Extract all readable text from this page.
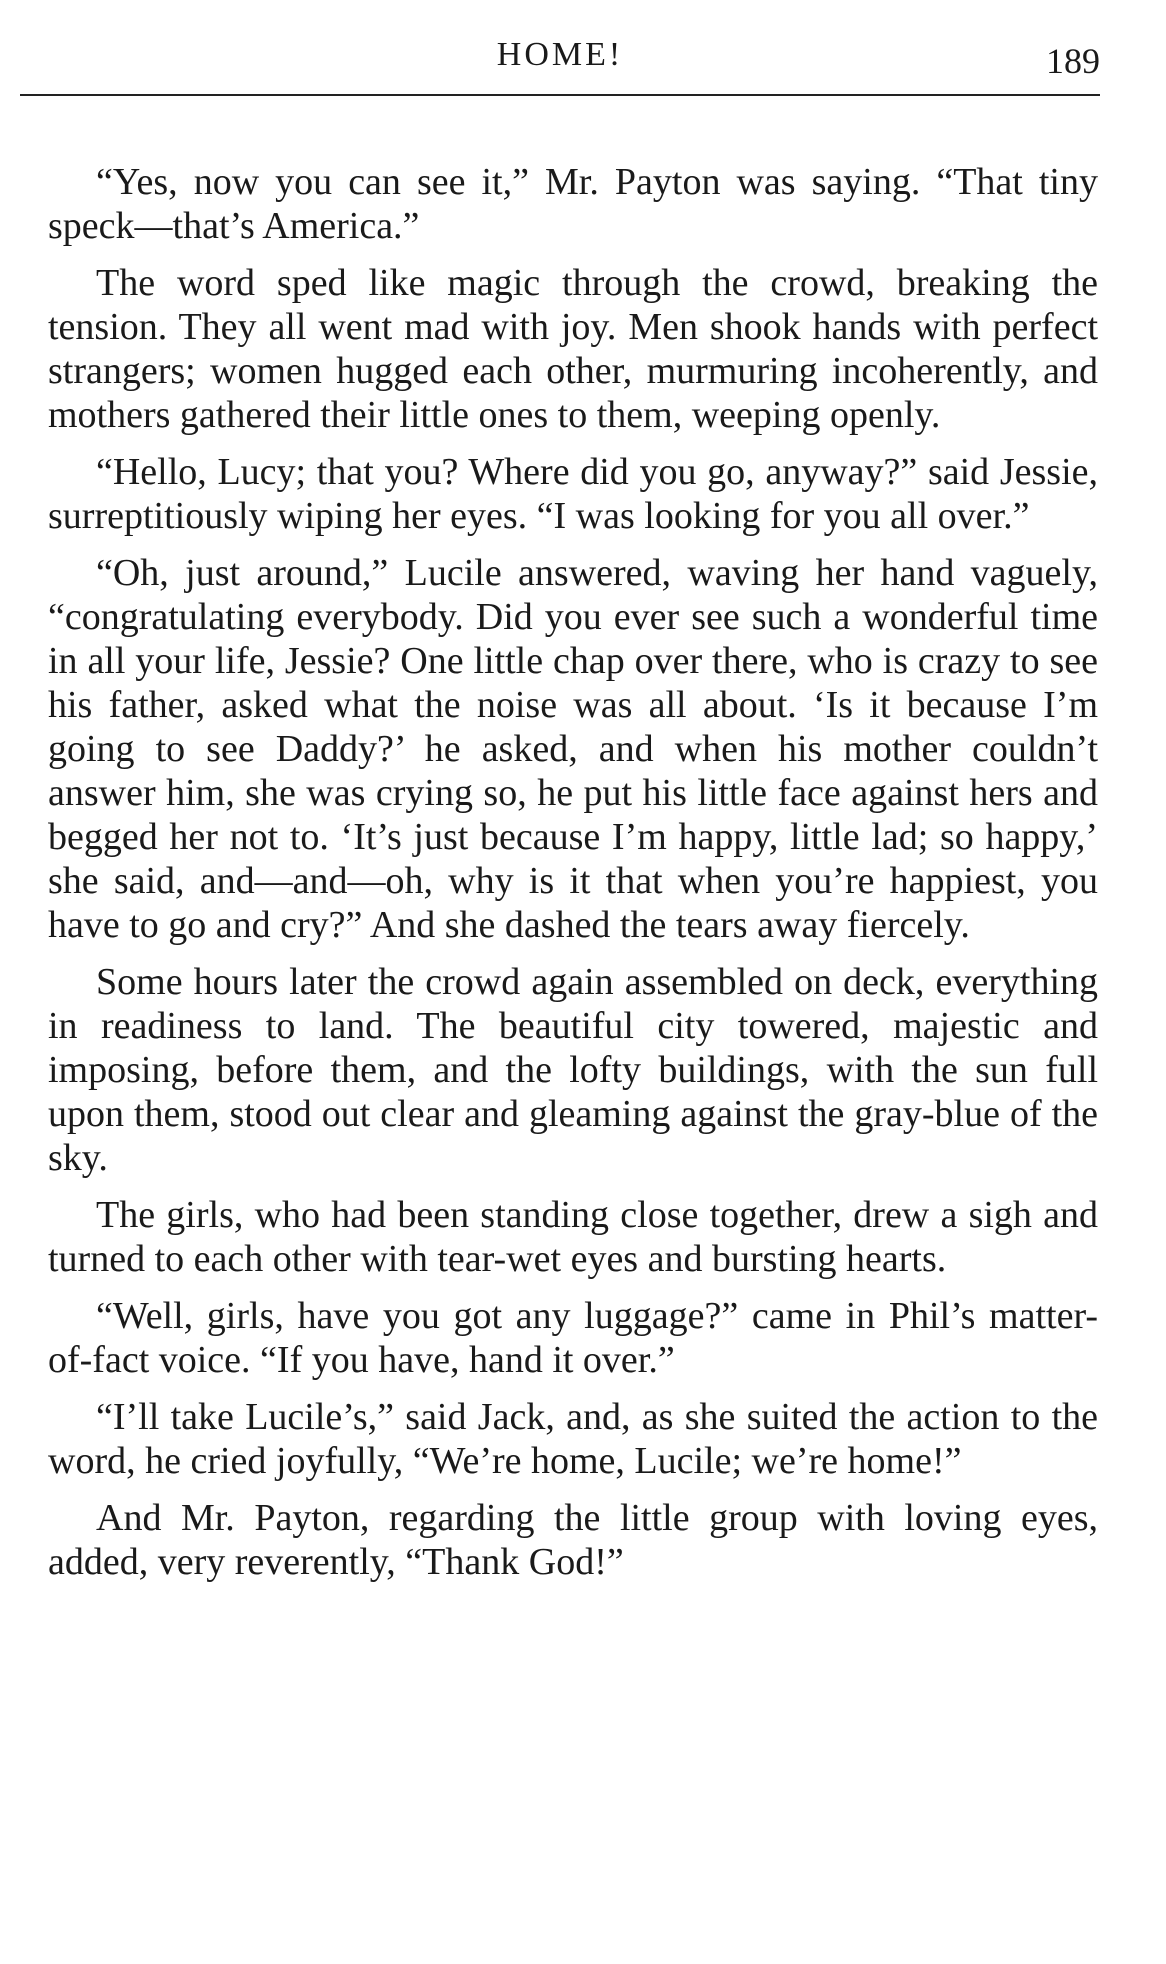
HOME!	189

“Yes, now you can see it,” Mr. Payton was saying. “That tiny speck—that’s America.”

The word sped like magic through the crowd, breaking the tension. They all went mad with joy. Men shook hands with perfect strangers; women hugged each other, murmuring incoherently, and mothers gathered their little ones to them, weeping openly.

“Hello, Lucy; that you? Where did you go, anyway?” said Jessie, surreptitiously wiping her eyes. “I was looking for you all over.”

“Oh, just around,” Lucile answered, waving her hand vaguely, “congratulating everybody. Did you ever see such a wonderful time in all your life, Jessie? One little chap over there, who is crazy to see his father, asked what the noise was all about. ‘Is it because I’m going to see Daddy?’ he asked, and when his mother couldn’t answer him, she was crying so, he put his little face against hers and begged her not to. ‘It’s just because I’m happy, little lad; so happy,’ she said, and—and—oh, why is it that when you’re happiest, you have to go and cry?” And she dashed the tears away fiercely.

Some hours later the crowd again assembled on deck, everything in readiness to land. The beautiful city towered, majestic and imposing, before them, and the lofty buildings, with the sun full upon them, stood out clear and gleaming against the gray-blue of the sky.

The girls, who had been standing close together, drew a sigh and turned to each other with tear-wet eyes and bursting hearts.

“Well, girls, have you got any luggage?” came in Phil’s matter-of-fact voice. “If you have, hand it over.”

“I’ll take Lucile’s,” said Jack, and, as she suited the action to the word, he cried joyfully, “We’re home, Lucile; we’re home!”

And Mr. Payton, regarding the little group with loving eyes, added, very reverently, “Thank God!”
